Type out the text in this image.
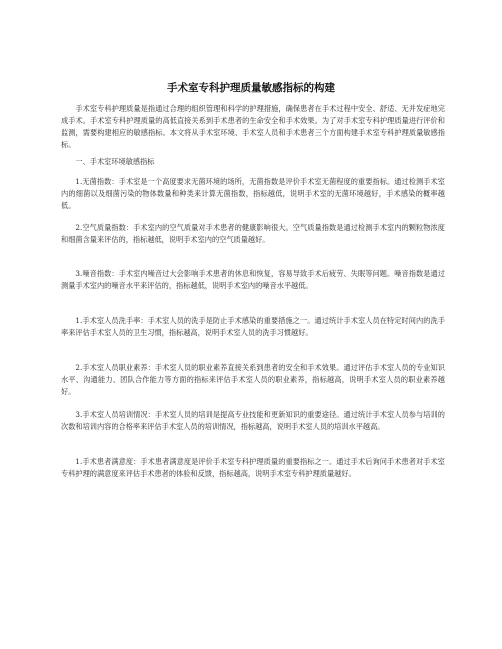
手术室专科护理质量敏感指标的构建

手术室专科护理质量是指通过合理的组织管理和科学的护理措施，确保患者在手术过程中安全、舒适、无并发症地完成手术。手术室专科护理质量的高低直接关系到手术患者的生命安全和手术效果。为了对手术室专科护理质量进行评价和监测，需要构建相应的敏感指标。本文将从手术室环境、手术室人员和手术患者三个方面构建手术室专科护理质量敏感指标。

一、手术室环境敏感指标

1.无菌指数：手术室是一个高度要求无菌环境的场所，无菌指数是评价手术室无菌程度的重要指标。通过检测手术室内的细菌以及细菌污染的物体数量和种类来计算无菌指数，指标越低，说明手术室的无菌环境越好，手术感染的概率越低。

2.空气质量指数：手术室内的空气质量对手术患者的健康影响很大。空气质量指数是通过检测手术室内的颗粒物浓度和细菌含量来评估的，指标越低，说明手术室内的空气质量越好。

3.噪音指数：手术室内噪音过大会影响手术患者的休息和恢复，容易导致手术后疲劳、失眠等问题。噪音指数是通过测量手术室内的噪音水平来评估的，指标越低，说明手术室内的噪音水平越低。

1.手术室人员洗手率：手术室人员的洗手是防止手术感染的重要措施之一。通过统计手术室人员在特定时间内的洗手率来评估手术室人员的卫生习惯，指标越高，说明手术室人员的洗手习惯越好。

2.手术室人员职业素养：手术室人员的职业素养直接关系到患者的安全和手术效果。通过评估手术室人员的专业知识水平、沟通能力、团队合作能力等方面的指标来评估手术室人员的职业素养，指标越高，说明手术室人员的职业素养越好。

3.手术室人员培训情况：手术室人员的培训是提高专业技能和更新知识的重要途径。通过统计手术室人员参与培训的次数和培训内容的合格率来评估手术室人员的培训情况，指标越高，说明手术室人员的培训水平越高。

1.手术患者满意度：手术患者满意度是评价手术室专科护理质量的重要指标之一。通过手术后询问手术患者对手术室专科护理的满意度来评估手术患者的体验和反馈，指标越高，说明手术室专科护理质量越好。
